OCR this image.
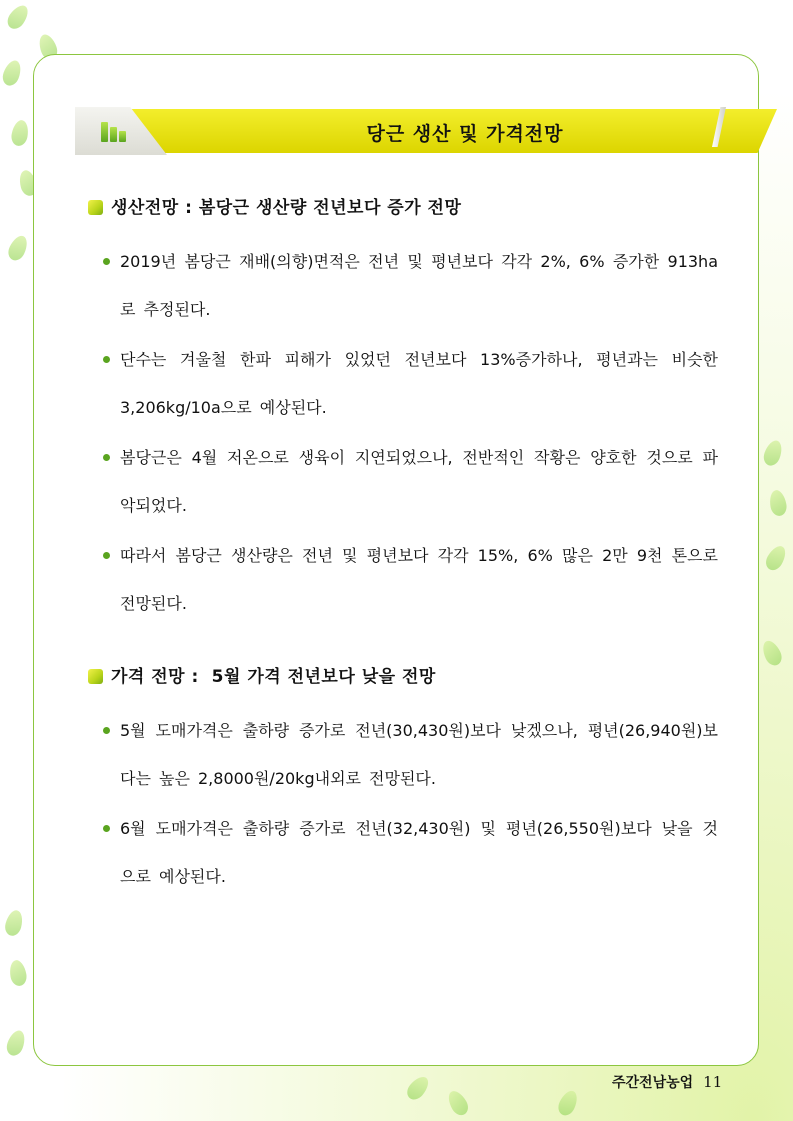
당근 생산 및 가격전망
생산전망 : 봄당근 생산량 전년보다 증가 전망
2019년 봄당근 재배(의향)면적은 전년 및 평년보다 각각 2%, 6% 증가한 913ha로 추정된다.
단수는 겨울철 한파 피해가 있었던 전년보다 13%증가하나, 평년과는 비슷한 3,206kg/10a으로 예상된다.
봄당근은 4월 저온으로 생육이 지연되었으나, 전반적인 작황은 양호한 것으로 파악되었다.
따라서 봄당근 생산량은 전년 및 평년보다 각각 15%, 6% 많은 2만 9천 톤으로 전망된다.
가격 전망 :  5월 가격 전년보다 낮을 전망
5월 도매가격은 출하량 증가로 전년(30,430원)보다 낮겠으나, 평년(26,940원)보다는 높은 2,8000원/20kg내외로 전망된다.
6월 도매가격은 출하량 증가로 전년(32,430원) 및 평년(26,550원)보다 낮을 것으로 예상된다.
주간전남농업 11
